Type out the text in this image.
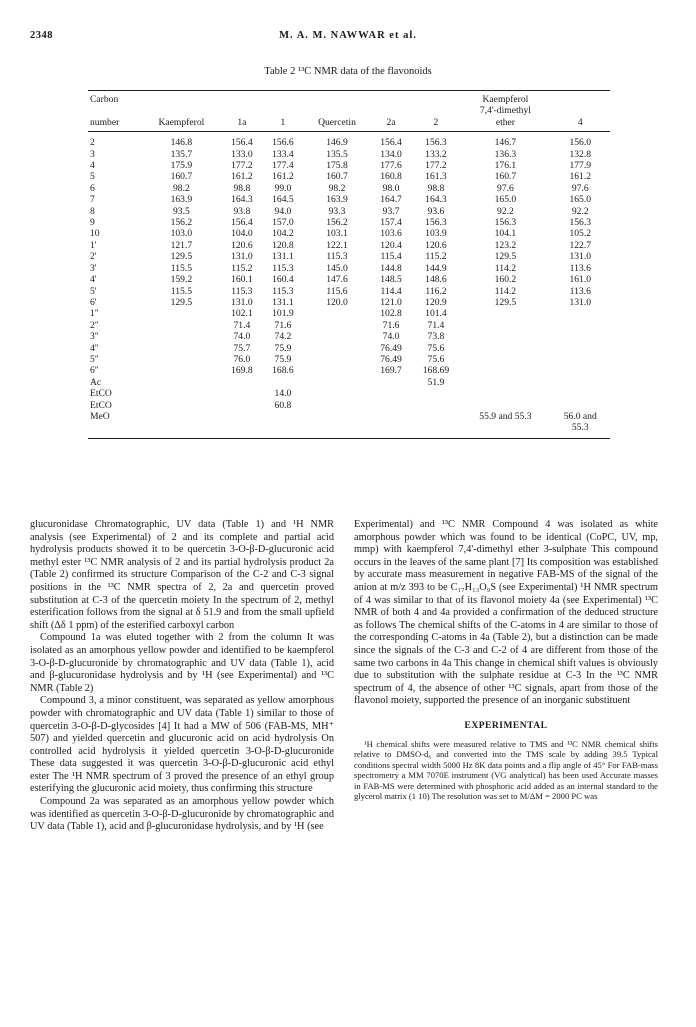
2348	M. A. M. NAWWAR et al.
Table 2 ¹³C NMR data of the flavonoids
Carbon							Kaempferol	
							7,4'-dimethyl	
number	Kaempferol	1a	1	Quercetin	2a	2	ether	4
2	146.8	156.4	156.6	146.9	156.4	156.3	146.7	156.0
3	135.7	133.0	133.4	135.5	134.0	133.2	136.3	132.8
4	175.9	177.2	177.4	175.8	177.6	177.2	176.1	177.9
5	160.7	161.2	161.2	160.7	160.8	161.3	160.7	161.2
6	98.2	98.8	99.0	98.2	98.0	98.8	97.6	97.6
7	163.9	164.3	164.5	163.9	164.7	164.3	165.0	165.0
8	93.5	93.8	94.0	93.3	93.7	93.6	92.2	92.2
9	156.2	156.4	157.0	156.2	157.4	156.3	156.3	156.3
10	103.0	104.0	104.2	103.1	103.6	103.9	104.1	105.2
1'	121.7	120.6	120.8	122.1	120.4	120.6	123.2	122.7
2'	129.5	131.0	131.1	115.3	115.4	115.2	129.5	131.0
3'	115.5	115.2	115.3	145.0	144.8	144.9	114.2	113.6
4'	159.2	160.1	160.4	147.6	148.5	148.6	160.2	161.0
5'	115.5	115.3	115.3	115.6	114.4	116.2	114.2	113.6
6'	129.5	131.0	131.1	120.0	121.0	120.9	129.5	131.0
1"		102.1	101.9		102.8	101.4		
2"		71.4	71.6		71.6	71.4		
3"		74.0	74.2		74.0	73.8		
4"		75.7	75.9		76.49	75.6		
5"		76.0	75.9		76.49	75.6		
6"		169.8	168.6		169.7	168.69		
Ac						51.9		
EtCO			14.0					
EtCO			60.8					
MeO							55.9 and 55.3	56.0 and
								55.3

glucuronidase Chromatographic, UV data (Table 1) and ¹H NMR analysis (see Experimental) of 2 and its complete and partial acid hydrolysis products showed it to be quercetin 3-O-β-D-glucuronic acid methyl ester ¹³C NMR analysis of 2 and its partial hydrolysis product 2a (Table 2) confirmed its structure Comparison of the C-2 and C-3 signal positions in the ¹³C NMR spectra of 2, 2a and quercetin proved substitution at C-3 of the quercetin moiety In the spectrum of 2, methyl esterification follows from the signal at δ 51.9 and from the small upfield shift (Δδ 1 ppm) of the esterified carboxyl carbon

Compound 1a was eluted together with 2 from the column It was isolated as an amorphous yellow powder and identified to be kaempferol 3-O-β-D-glucuronide by chromatographic and UV data (Table 1), acid and β-glucuronidase hydrolysis and by ¹H (see Experimental) and ¹³C NMR (Table 2)

Compound 3, a minor constituent, was separated as yellow amorphous powder with chromatographic and UV data (Table 1) similar to those of quercetin 3-O-β-D-glycosides [4] It had a MW of 506 (FAB-MS, MH⁺ 507) and yielded quercetin and glucuronic acid on acid hydrolysis On controlled acid hydrolysis it yielded quercetin 3-O-β-D-glucuronide These data suggested it was quercetin 3-O-β-D-glucuronic acid ethyl ester The ¹H NMR spectrum of 3 proved the presence of an ethyl group esterifying the glucuronic acid moiety, thus confirming this structure

Compound 2a was separated as an amorphous yellow powder which was identified as quercetin 3-O-β-D-glucuronide by chromatographic and UV data (Table 1), acid and β-glucuronidase hydrolysis, and by ¹H (see

Experimental) and ¹³C NMR Compound 4 was isolated as white amorphous powder which was found to be identical (CoPC, UV, mp, mmp) with kaempferol 7,4'-dimethyl ether 3-sulphate This compound occurs in the leaves of the same plant [7] Its composition was established by accurate mass measurement in negative FAB-MS of the signal of the anion at m/z 393 to be C₁₇H₁₃O₉S (see Experimental) ¹H NMR spectrum of 4 was similar to that of its flavonol moiety 4a (see Experimental) ¹³C NMR of both 4 and 4a provided a confirmation of the deduced structure as follows The chemical shifts of the C-atoms in 4 are similar to those of the corresponding C-atoms in 4a (Table 2), but a distinction can be made since the signals of the C-3 and C-2 of 4 are different from those of the same two carbons in 4a This change in chemical shift values is obviously due to substitution with the sulphate residue at C-3 In the ¹³C NMR spectrum of 4, the absence of other ¹³C signals, apart from those of the flavonol moiety, supported the presence of an inorganic substituent

EXPERIMENTAL

¹H chemical shifts were measured relative to TMS and ¹³C NMR chemical shifts relative to DMSO-d₆ and converted into the TMS scale by adding 39.5 Typical conditions spectral width 5000 Hz 8K data points and a flip angle of 45° For FAB-mass spectrometry a MM 7070E instrument (VG analytical) has been used Accurate masses in FAB-MS were determined with phosphoric acid added as an internal standard to the glycerol matrix (1 10) The resolution was set to M/ΔM = 2000 PC was
